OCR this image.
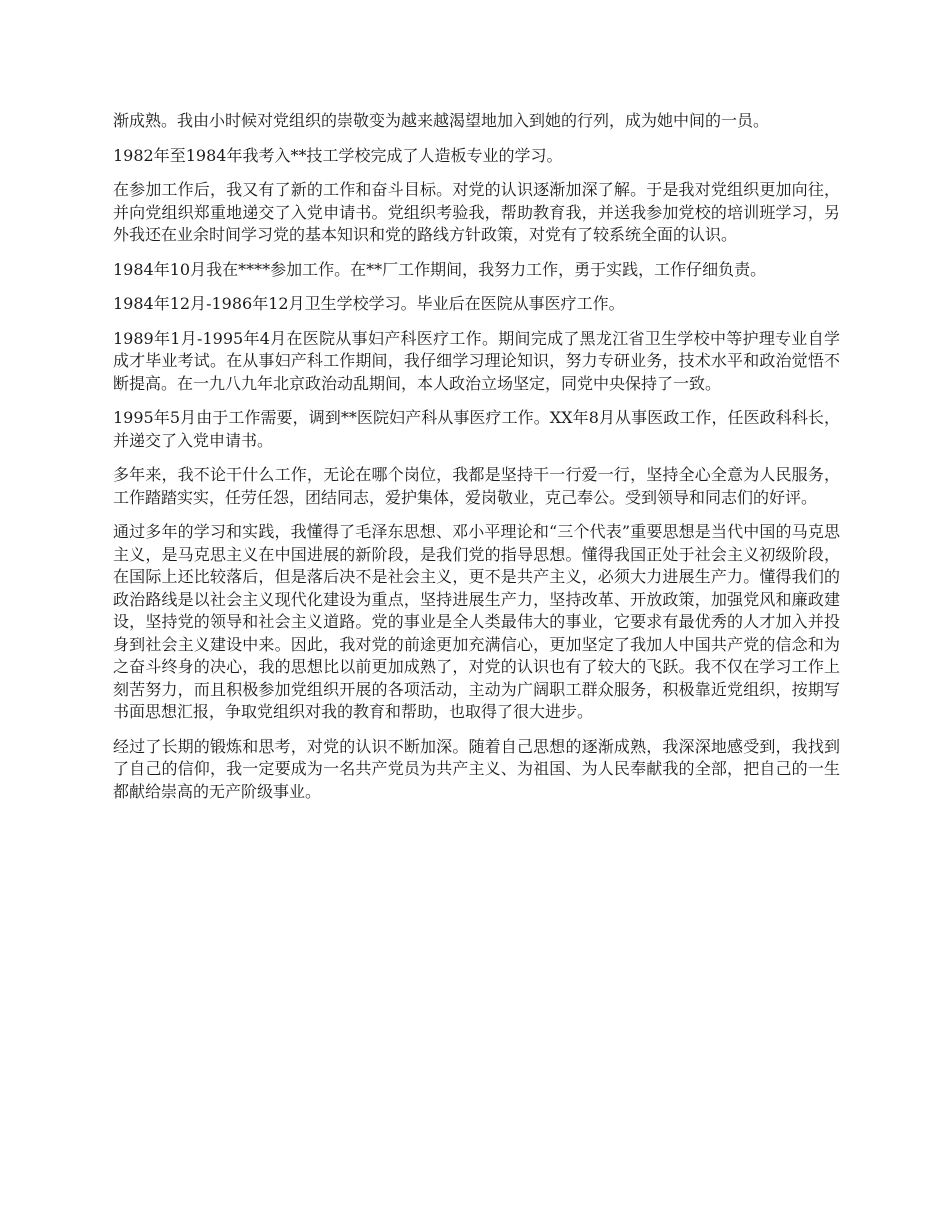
渐成熟。我由小时候对党组织的崇敬变为越来越渴望地加入到她的行列，成为她中间的一员。

1982年至1984年我考入**技工学校完成了人造板专业的学习。

在参加工作后，我又有了新的工作和奋斗目标。对党的认识逐渐加深了解。于是我对党组织更加向往，并向党组织郑重地递交了入党申请书。党组织考验我，帮助教育我，并送我参加党校的培训班学习，另外我还在业余时间学习党的基本知识和党的路线方针政策，对党有了较系统全面的认识。

1984年10月我在****参加工作。在**厂工作期间，我努力工作，勇于实践，工作仔细负责。

1984年12月-1986年12月卫生学校学习。毕业后在医院从事医疗工作。

1989年1月-1995年4月在医院从事妇产科医疗工作。期间完成了黑龙江省卫生学校中等护理专业自学成才毕业考试。在从事妇产科工作期间，我仔细学习理论知识，努力专研业务，技术水平和政治觉悟不断提高。在一九八九年北京政治动乱期间，本人政治立场坚定，同党中央保持了一致。

1995年5月由于工作需要，调到**医院妇产科从事医疗工作。XX年8月从事医政工作，任医政科科长，并递交了入党申请书。

多年来，我不论干什么工作，无论在哪个岗位，我都是坚持干一行爱一行，坚持全心全意为人民服务，工作踏踏实实，任劳任怨，团结同志，爱护集体，爱岗敬业，克己奉公。受到领导和同志们的好评。

通过多年的学习和实践，我懂得了毛泽东思想、邓小平理论和“三个代表”重要思想是当代中国的马克思主义，是马克思主义在中国进展的新阶段，是我们党的指导思想。懂得我国正处于社会主义初级阶段，在国际上还比较落后，但是落后决不是社会主义，更不是共产主义，必须大力进展生产力。懂得我们的政治路线是以社会主义现代化建设为重点，坚持进展生产力，坚持改革、开放政策，加强党风和廉政建设，坚持党的领导和社会主义道路。党的事业是全人类最伟大的事业，它要求有最优秀的人才加入并投身到社会主义建设中来。因此，我对党的前途更加充满信心，更加坚定了我加人中国共产党的信念和为之奋斗终身的决心，我的思想比以前更加成熟了，对党的认识也有了较大的飞跃。我不仅在学习工作上刻苦努力，而且积极参加党组织开展的各项活动，主动为广阔职工群众服务，积极靠近党组织，按期写书面思想汇报，争取党组织对我的教育和帮助，也取得了很大进步。

经过了长期的锻炼和思考，对党的认识不断加深。随着自己思想的逐渐成熟，我深深地感受到，我找到了自己的信仰，我一定要成为一名共产党员为共产主义、为祖国、为人民奉献我的全部，把自己的一生都献给崇高的无产阶级事业。
